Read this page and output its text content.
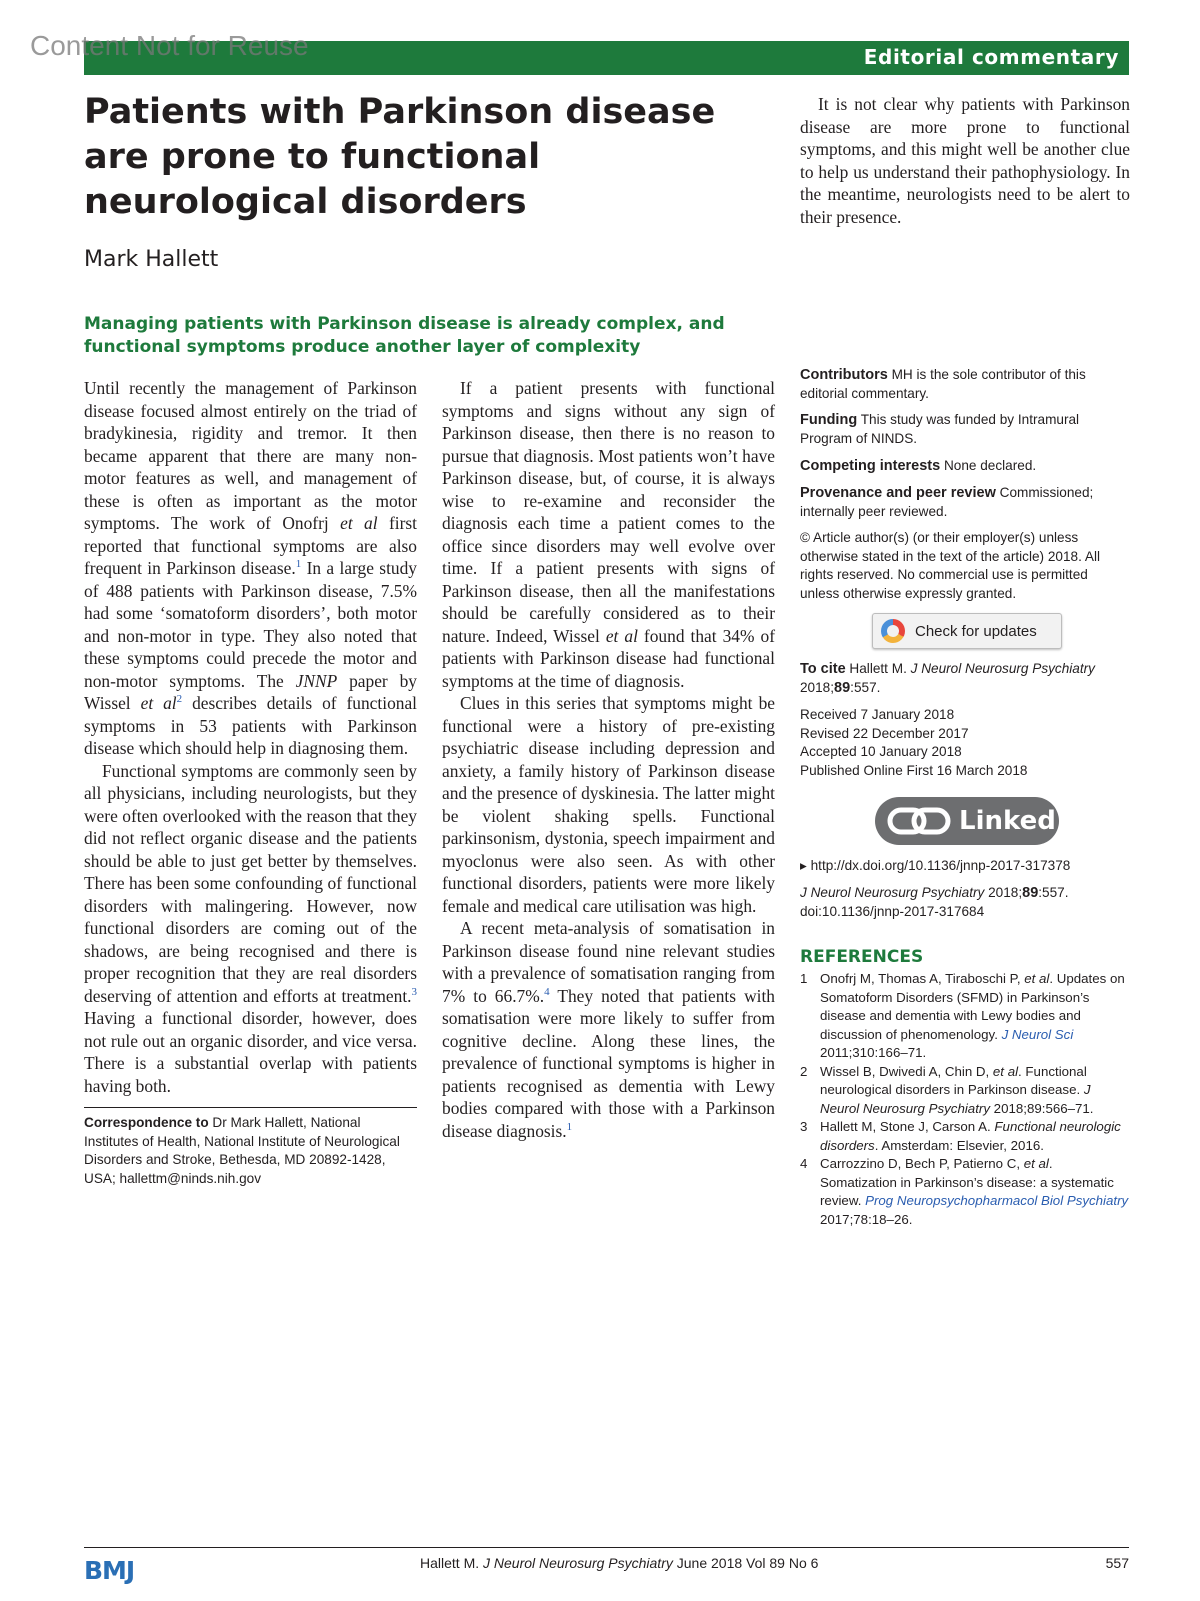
Content Not for Reuse	Editorial commentary
Patients with Parkinson disease are prone to functional neurological disorders
Mark Hallett
Managing patients with Parkinson disease is already complex, and functional symptoms produce another layer of complexity

Until recently the management of Parkinson disease focused almost entirely on the triad of bradykinesia, rigidity and tremor. It then became apparent that there are many non-motor features as well, and management of these is often as important as the motor symptoms. The work of Onofrj et al first reported that functional symptoms are also frequent in Parkinson disease.$^1$ In a large study of 488 patients with Parkinson disease, 7.5% had some ‘somatoform disorders’, both motor and non-motor in type. They also noted that these symptoms could precede the motor and non-motor symptoms. The JNNP paper by Wissel et al$^2$ describes details of functional symptoms in 53 patients with Parkinson disease which should help in diagnosing them.

Functional symptoms are commonly seen by all physicians, including neurologists, but they were often overlooked with the reason that they did not reflect organic disease and the patients should be able to just get better by themselves. There has been some confounding of functional disorders with malingering. However, now functional disorders are coming out of the shadows, are being recognised and there is proper recognition that they are real disorders deserving of attention and efforts at treatment.$^3$ Having a functional disorder, however, does not rule out an organic disorder, and vice versa. There is a substantial overlap with patients having both.

If a patient presents with functional symptoms and signs without any sign of Parkinson disease, then there is no reason to pursue that diagnosis. Most patients won’t have Parkinson disease, but, of course, it is always wise to re-examine and reconsider the diagnosis each time a patient comes to the office since disorders may well evolve over time. If a patient presents with signs of Parkinson disease, then all the manifestations should be carefully considered as to their nature. Indeed, Wissel et al found that 34% of patients with Parkinson disease had functional symptoms at the time of diagnosis.

Clues in this series that symptoms might be functional were a history of pre-existing psychiatric disease including depression and anxiety, a family history of Parkinson disease and the presence of dyskinesia. The latter might be violent shaking spells. Functional parkinsonism, dystonia, speech impairment and myoclonus were also seen. As with other functional disorders, patients were more likely female and medical care utilisation was high.

A recent meta-analysis of somatisation in Parkinson disease found nine relevant studies with a prevalence of somatisation ranging from 7% to 66.7%.$^4$ They noted that patients with somatisation were more likely to suffer from cognitive decline. Along these lines, the prevalence of functional symptoms is higher in patients recognised as dementia with Lewy bodies compared with those with a Parkinson disease diagnosis.$^1$

It is not clear why patients with Parkinson disease are more prone to functional symptoms, and this might well be another clue to help us understand their pathophysiology. In the meantime, neurologists need to be alert to their presence.

Correspondence to Dr Mark Hallett, National Institutes of Health, National Institute of Neurological Disorders and Stroke, Bethesda, MD 20892-1428, USA; hallettm@ninds.nih.gov
Contributors MH is the sole contributor of this editorial commentary.
Funding This study was funded by Intramural Program of NINDS.
Competing interests None declared.
Provenance and peer review Commissioned; internally peer reviewed.
© Article author(s) (or their employer(s) unless otherwise stated in the text of the article) 2018. All rights reserved. No commercial use is permitted unless otherwise expressly granted.
Check for updates
To cite Hallett M. J Neurol Neurosurg Psychiatry 2018;89:557.
Received 7 January 2018
Revised 22 December 2017
Accepted 10 January 2018
Published Online First 16 March 2018
Linked
▸ http://dx.doi.org/10.1136/jnnp-2017-317378
J Neurol Neurosurg Psychiatry 2018;89:557.
doi:10.1136/jnnp-2017-317684
REFERENCES
1 Onofrj M, Thomas A, Tiraboschi P, et al. Updates on Somatoform Disorders (SFMD) in Parkinson’s disease and dementia with Lewy bodies and discussion of phenomenology. J Neurol Sci 2011;310:166–71.
2 Wissel B, Dwivedi A, Chin D, et al. Functional neurological disorders in Parkinson disease. J Neurol Neurosurg Psychiatry 2018;89:566–71.
3 Hallett M, Stone J, Carson A. Functional neurologic disorders. Amsterdam: Elsevier, 2016.
4 Carrozzino D, Bech P, Patierno C, et al. Somatization in Parkinson’s disease: a systematic review. Prog Neuropsychopharmacol Biol Psychiatry 2017;78:18–26.
BMJ	Hallett M. J Neurol Neurosurg Psychiatry June 2018 Vol 89 No 6	557
